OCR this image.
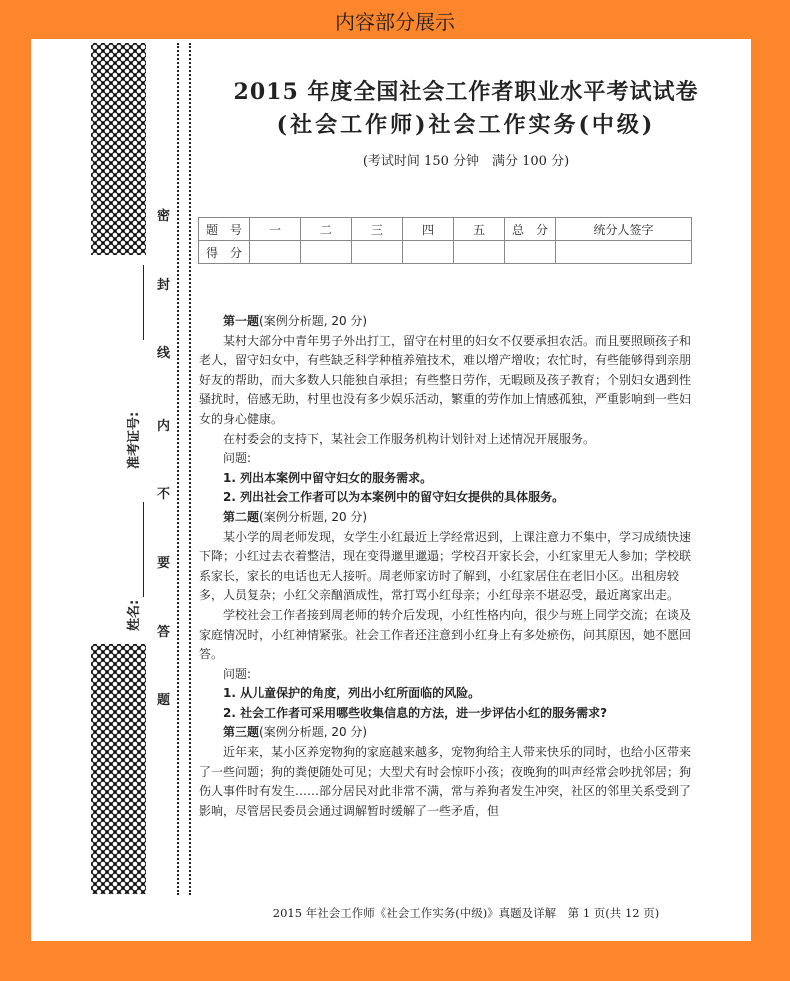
内容部分展示
密
封
线
内
不
要
答
题
准考证号:
姓名:
2015 年度全国社会工作者职业水平考试试卷
(社会工作师)社会工作实务(中级)
(考试时间 150 分钟　满分 100 分)
题　号	一	二	三	四	五	总　分	统分人签字
得　分							

第一题(案例分析题, 20 分)

某村大部分中青年男子外出打工，留守在村里的妇女不仅要承担农活。而且要照顾孩子和老人，留守妇女中，有些缺乏科学种植养殖技术，难以增产增收；农忙时，有些能够得到亲朋好友的帮助，而大多数人只能独自承担；有些整日劳作，无暇顾及孩子教育；个别妇女遇到性骚扰时，倍感无助，村里也没有多少娱乐活动，繁重的劳作加上情感孤独，严重影响到一些妇女的身心健康。

在村委会的支持下，某社会工作服务机构计划针对上述情况开展服务。

问题:

1. 列出本案例中留守妇女的服务需求。

2. 列出社会工作者可以为本案例中的留守妇女提供的具体服务。

第二题(案例分析题, 20 分)

某小学的周老师发现，女学生小红最近上学经常迟到，上课注意力不集中，学习成绩快速下降；小红过去衣着整洁，现在变得邋里邋遢；学校召开家长会，小红家里无人参加；学校联系家长，家长的电话也无人接听。周老师家访时了解到，小红家居住在老旧小区。出租房较多，人员复杂；小红父亲酗酒成性，常打骂小红母亲；小红母亲不堪忍受，最近离家出走。

学校社会工作者接到周老师的转介后发现，小红性格内向，很少与班上同学交流；在谈及家庭情况时，小红神情紧张。社会工作者还注意到小红身上有多处瘀伤，问其原因，她不愿回答。

问题:

1. 从儿童保护的角度，列出小红所面临的风险。

2. 社会工作者可采用哪些收集信息的方法，进一步评估小红的服务需求?

第三题(案例分析题, 20 分)

近年来，某小区养宠物狗的家庭越来越多，宠物狗给主人带来快乐的同时，也给小区带来了一些问题；狗的粪便随处可见；大型犬有时会惊吓小孩；夜晚狗的叫声经常会吵扰邻居；狗伤人事件时有发生……部分居民对此非常不满，常与养狗者发生冲突，社区的邻里关系受到了影响，尽管居民委员会通过调解暂时缓解了一些矛盾，但

2015 年社会工作师《社会工作实务(中级)》真题及详解　第 1 页(共 12 页)
